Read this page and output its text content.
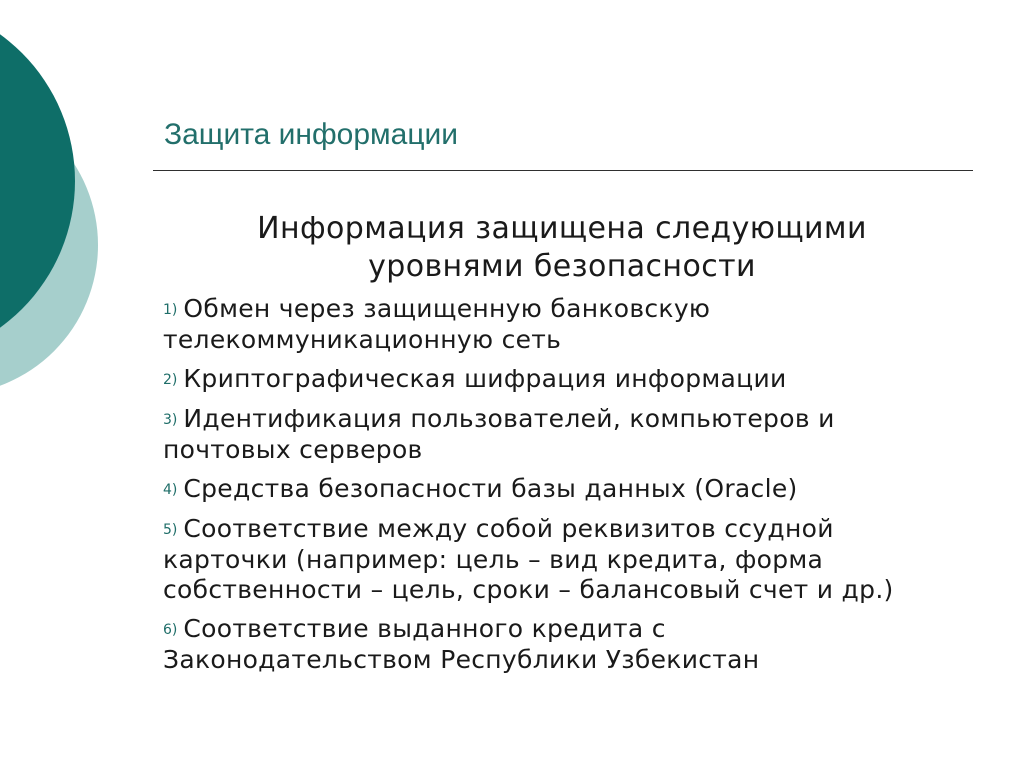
Защита информации

Информация защищена следующими уровнями безопасности

1) Обмен через защищенную банковскую телекоммуникационную сеть
2) Криптографическая шифрация информации
3) Идентификация пользователей, компьютеров и почтовых серверов
4) Средства безопасности базы данных (Oracle)
5) Соответствие между собой реквизитов ссудной карточки (например: цель – вид кредита, форма собственности – цель, сроки – балансовый счет и др.)
6) Соответствие выданного кредита с Законодательством Республики Узбекистан
